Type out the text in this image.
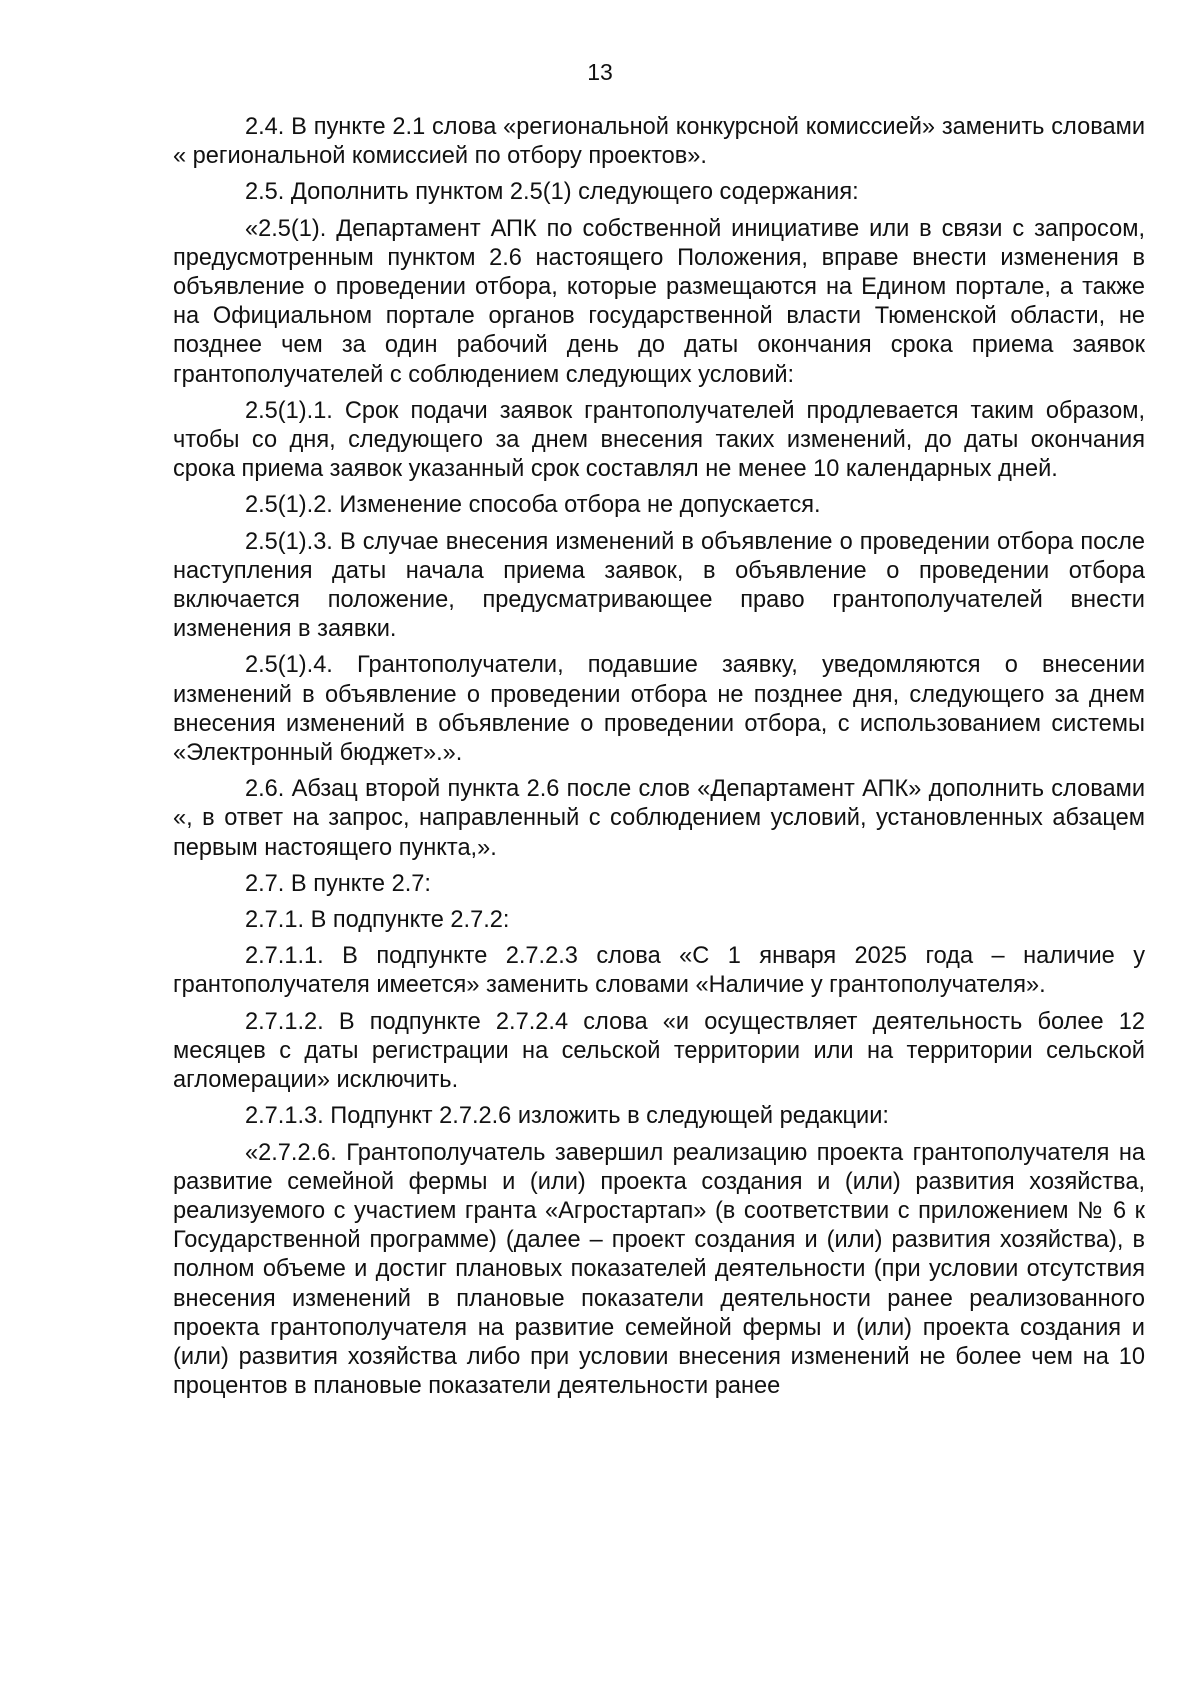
13

2.4. В пункте 2.1 слова «региональной конкурсной комиссией» заменить словами « региональной комиссией по отбору проектов».

2.5. Дополнить пунктом 2.5(1) следующего содержания:

«2.5(1). Департамент АПК по собственной инициативе или в связи с запросом, предусмотренным пунктом 2.6 настоящего Положения, вправе внести изменения в объявление о проведении отбора, которые размещаются на Едином портале, а также на Официальном портале органов государственной власти Тюменской области, не позднее чем за один рабочий день до даты окончания срока приема заявок грантополучателей с соблюдением следующих условий:

2.5(1).1. Срок подачи заявок грантополучателей продлевается таким образом, чтобы со дня, следующего за днем внесения таких изменений, до даты окончания срока приема заявок указанный срок составлял не менее 10 календарных дней.

2.5(1).2. Изменение способа отбора не допускается.

2.5(1).3. В случае внесения изменений в объявление о проведении отбора после наступления даты начала приема заявок, в объявление о проведении отбора включается положение, предусматривающее право грантополучателей внести изменения в заявки.

2.5(1).4. Грантополучатели, подавшие заявку, уведомляются о внесении изменений в объявление о проведении отбора не позднее дня, следующего за днем внесения изменений в объявление о проведении отбора, с использованием системы «Электронный бюджет».».

2.6. Абзац второй пункта 2.6 после слов «Департамент АПК» дополнить словами «, в ответ на запрос, направленный с соблюдением условий, установленных абзацем первым настоящего пункта,».

2.7. В пункте 2.7:

2.7.1. В подпункте 2.7.2:

2.7.1.1. В подпункте 2.7.2.3 слова «С 1 января 2025 года – наличие у грантополучателя имеется» заменить словами «Наличие у грантополучателя».

2.7.1.2. В подпункте 2.7.2.4 слова «и осуществляет деятельность более 12 месяцев с даты регистрации на сельской территории или на территории сельской агломерации» исключить.

2.7.1.3. Подпункт 2.7.2.6 изложить в следующей редакции:

«2.7.2.6. Грантополучатель завершил реализацию проекта грантополучателя на развитие семейной фермы и (или) проекта создания и (или) развития хозяйства, реализуемого с участием гранта «Агростартап» (в соответствии с приложением № 6 к Государственной программе) (далее – проект создания и (или) развития хозяйства), в полном объеме и достиг плановых показателей деятельности (при условии отсутствия внесения изменений в плановые показатели деятельности ранее реализованного проекта грантополучателя на развитие семейной фермы и (или) проекта создания и (или) развития хозяйства либо при условии внесения изменений не более чем на 10 процентов в плановые показатели деятельности ранее
